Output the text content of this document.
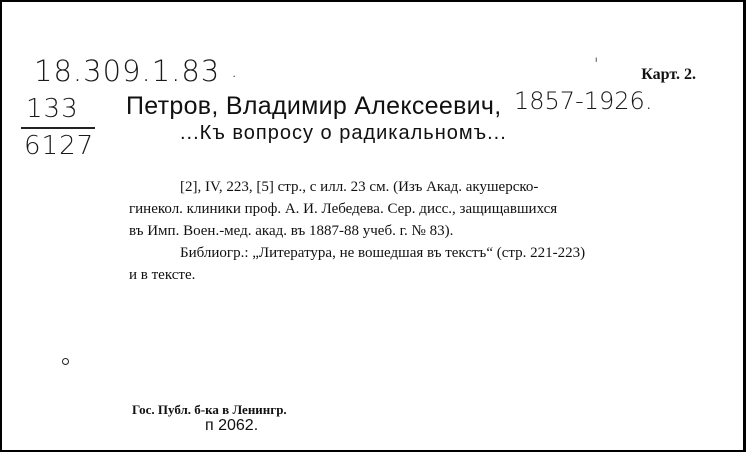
18.309.1.83 .	'
133
6127
Карт. 2.
Петров, Владимир Алексеевич, 1857-1926.
...Къ вопросу о радикальномъ...
[2], IV, 223, [5] стр., с илл. 23 см. (Изъ Акад. акушерско-
гинекол. клиники проф. А. И. Лебедева. Сер. дисс., защищавшихся
въ Имп. Воен.-мед. акад. въ 1887-88 учеб. г. № 83).
Библиогр.: „Литература, не вошедшая въ текстъ“ (стр. 221-223)
и в тексте.
Гос. Публ. б-ка в Ленингр.
п 2062.
